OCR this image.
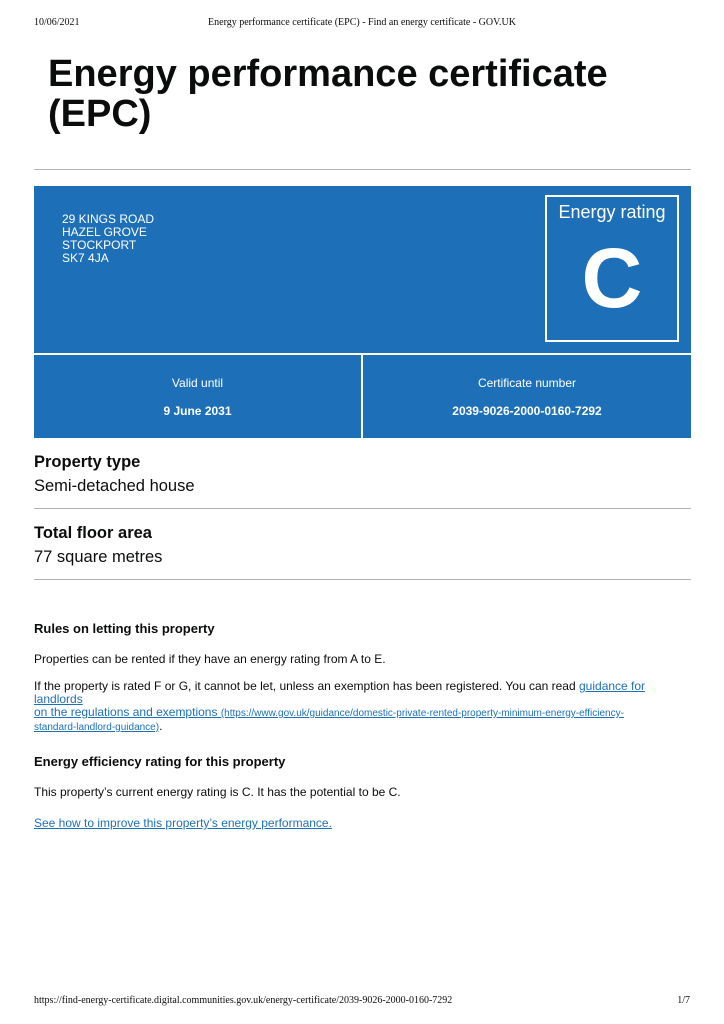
10/06/2021	Energy performance certificate (EPC) - Find an energy certificate - GOV.UK
Energy performance certificate (EPC)
29 KINGS ROAD
HAZEL GROVE
STOCKPORT
SK7 4JA
Energy rating
C
Valid until
9 June 2031
Certificate number
2039-9026-2000-0160-7292
Property type

Semi-detached house

Total floor area

77 square metres

Rules on letting this property

Properties can be rented if they have an energy rating from A to E.

If the property is rated F or G, it cannot be let, unless an exemption has been registered. You can read guidance for landlords
on the regulations and exemptions (https://www.gov.uk/guidance/domestic-private-rented-property-minimum-energy-efficiency-
standard-landlord-guidance).

Energy efficiency rating for this property

This property’s current energy rating is C. It has the potential to be C.

See how to improve this property’s energy performance.

https://find-energy-certificate.digital.communities.gov.uk/energy-certificate/2039-9026-2000-0160-7292	1/7
